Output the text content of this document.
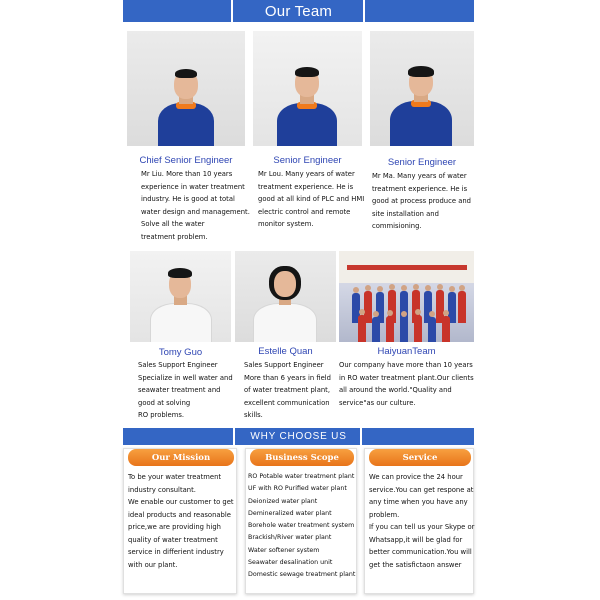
Our Team
Chief Senior Engineer
Mr Liu. More than 10 years
experience in water treatment
industry. He is good at total
water design and management.
Solve all the water
treatment problem.
Senior Engineer
Mr Lou. Many years of water
treatment experience. He is
good at all kind of PLC and HMI
electric control and remote
monitor system.
Senior Engineer
Mr Ma. Many years of water
treatment experience. He is
good at process produce and
site installation and
commisioning.
Tomy Guo
Sales Support Engineer
Specialize in well water and
seawater treatment and
good at solving
RO problems.
Estelle Quan
Sales Support Engineer
More than 6 years in field
of water treatment plant,
excellent communication
skills.
HaiyuanTeam
Our company have more than 10 years
in RO water treatment plant.Our clients
all around the world."Quality and
service"as our culture.
WHY CHOOSE US
Our Mission
To be your water treatment
industry consultant.
We enable our customer to get
ideal products and reasonable
price,we are providing high
quality of water treatment
service in differient industry
with our plant.
Business Scope
RO Potable water treatment plant
UF with RO Purified water plant
Deionized water plant
Demineralized water plant
Borehole water treatment system
Brackish/River water plant
Water softener system
Seawater desalination unit
Domestic sewage treatment plant
Service
We can provice the 24 hour
service.You can get respone at
any time when you have any
problem.
If you can tell us your Skype or
Whatsapp,it will be glad for
better communication.You will
get the satisfictaon answer
